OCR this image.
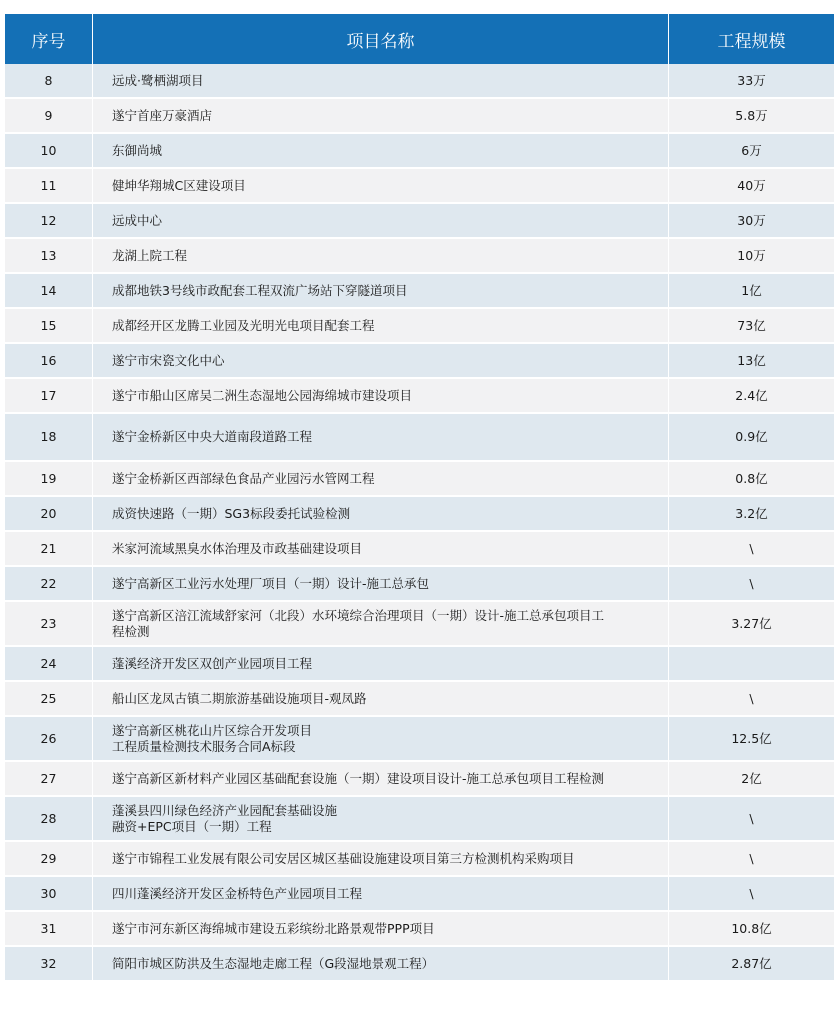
序号	项目名称	工程规模
8	远成·鹭栖湖项目	33万
9	遂宁首座万豪酒店	5.8万
10	东御尚城	6万
11	健坤华翔城C区建设项目	40万
12	远成中心	30万
13	龙湖上院工程	10万
14	成都地铁3号线市政配套工程双流广场站下穿隧道项目	1亿
15	成都经开区龙腾工业园及光明光电项目配套工程	73亿
16	遂宁市宋瓷文化中心	13亿
17	遂宁市船山区席吴二洲生态湿地公园海绵城市建设项目	2.4亿
18	遂宁金桥新区中央大道南段道路工程	0.9亿
19	遂宁金桥新区西部绿色食品产业园污水管网工程	0.8亿
20	成资快速路（一期）SG3标段委托试验检测	3.2亿
21	米家河流域黑臭水体治理及市政基础建设项目	\
22	遂宁高新区工业污水处理厂项目（一期）设计-施工总承包	\
23	遂宁高新区涪江流域舒家河（北段）水环境综合治理项目（一期）设计-施工总承包项目工
程检测	3.27亿
24	蓬溪经济开发区双创产业园项目工程	

25	船山区龙凤古镇二期旅游基础设施项目-观凤路	\
26	遂宁高新区桃花山片区综合开发项目
工程质量检测技术服务合同A标段	12.5亿
27	遂宁高新区新材料产业园区基础配套设施（一期）建设项目设计-施工总承包项目工程检测	2亿
28	蓬溪县四川绿色经济产业园配套基础设施
融资+EPC项目（一期）工程	\
29	遂宁市锦程工业发展有限公司安居区城区基础设施建设项目第三方检测机构采购项目	\
30	四川蓬溪经济开发区金桥特色产业园项目工程	\
31	遂宁市河东新区海绵城市建设五彩缤纷北路景观带PPP项目	10.8亿
32	简阳市城区防洪及生态湿地走廊工程（G段湿地景观工程）	2.87亿
